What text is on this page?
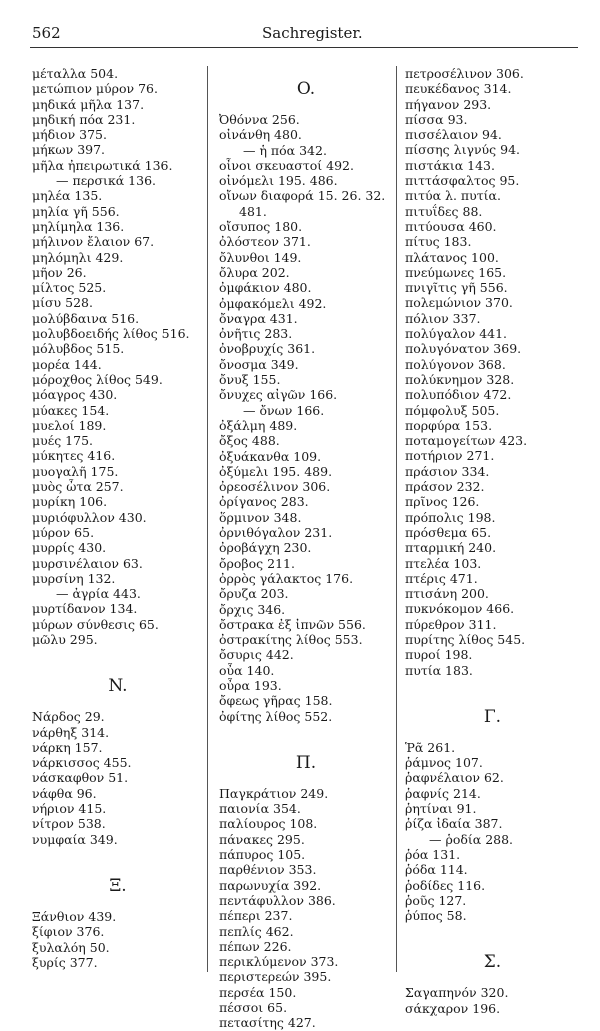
562	Sachregister.
μέταλλα 504.
μετώπιον μύρον 76.
μηδικά μῆλα 137.
μηδική πόα 231.
μήδιον 375.
μήκων 397.
μῆλα ἠπειρωτικά 136.
— περσικά 136.
μηλέα 135.
μηλία γῆ 556.
μηλίμηλα 136.
μήλινον ἔλαιον 67.
μηλόμηλι 429.
μῆον 26.
μίλτος 525.
μίσυ 528.
μολύβδαινα 516.
μολυβδοειδής λίθος 516.
μόλυβδος 515.
μορέα 144.
μόροχθος λίθος 549.
μόαγρος 430.
μύακες 154.
μυελοί 189.
μυές 175.
μύκητες 416.
μυογαλῆ 175.
μυὸς ὦτα 257.
μυρίκη 106.
μυριόφυλλον 430.
μύρον 65.
μυρρίς 430.
μυρσινέλαιον 63.
μυρσίνη 132.
— ἀγρία 443.
μυρτίδανον 134.
μύρων σύνθεσις 65.
μῶλυ 295.
N.
Νάρδος 29.
νάρθηξ 314.
νάρκη 157.
νάρκισσος 455.
νάσκαφθον 51.
νάφθα 96.
νήριον 415.
νίτρον 538.
νυμφαία 349.
Ξ.
Ξάνθιον 439.
ξίφιον 376.
ξυλαλόη 50.
ξυρίς 377.
O.
Ὀθόννα 256.
οἰνάνθη 480.
— ἡ πόα 342.
οἶνοι σκευαστοί 492.
οἰνόμελι 195. 486.
οἴνων διαφορά 15. 26. 32.
481.
οἴσυπος 180.
ὀλόστεον 371.
ὄλυνθοι 149.
ὄλυρα 202.
ὀμφάκιον 480.
ὀμφακόμελι 492.
ὄναγρα 431.
ὀνῆτις 283.
ὀνοβρυχίς 361.
ὄνοσμα 349.
ὄνυξ 155.
ὄνυχες αἰγῶν 166.
— ὄνων 166.
ὀξάλμη 489.
ὄξος 488.
ὀξυάκανθα 109.
ὀξύμελι 195. 489.
ὀρεοσέλινον 306.
ὀρίγανος 283.
ὅρμινον 348.
ὀρνιθόγαλον 231.
ὀροβάγχη 230.
ὄροβος 211.
ὀρρὸς γάλακτος 176.
ὄρυζα 203.
ὄρχις 346.
ὄστρακα ἐξ ἰπνῶν 556.
ὀστρακίτης λίθος 553.
ὄσυρις 442.
οὖα 140.
οὖρα 193.
ὄφεως γῆρας 158.
ὀφίτης λίθος 552.
Π.
Παγκράτιον 249.
παιονία 354.
παλίουρος 108.
πάνακες 295.
πάπυρος 105.
παρθένιον 353.
παρωνυχία 392.
πεντάφυλλον 386.
πέπερι 237.
πεπλίς 462.
πέπων 226.
περικλύμενον 373.
περιστερεών 395.
περσέα 150.
πέσσοι 65.
πετασίτης 427.
πετροσέλινον 306.
πευκέδανος 314.
πήγανον 293.
πίσσα 93.
πισσέλαιον 94.
πίσσης λιγνύς 94.
πιστάκια 143.
πιττάσφαλτος 95.
πιτύα λ. πυτία.
πιτυΐδες 88.
πιτύουσα 460.
πίτυς 183.
πλάτανος 100.
πνεύμωνες 165.
πνιγῖτις γῆ 556.
πολεμώνιον 370.
πόλιον 337.
πολύγαλον 441.
πολυγόνατον 369.
πολύγονον 368.
πολύκνημον 328.
πολυπόδιον 472.
πόμφολυξ 505.
πορφύρα 153.
ποταμογείτων 423.
ποτήριον 271.
πράσιον 334.
πράσον 232.
πρῖνος 126.
πρόπολις 198.
πρόσθεμα 65.
πταρμική 240.
πτελέα 103.
πτέρις 471.
πτισάνη 200.
πυκνόκομον 466.
πύρεθρον 311.
πυρίτης λίθος 545.
πυροί 198.
πυτία 183.
Γ.
Ῥᾶ 261.
ῥάμνος 107.
ῥαφνέλαιον 62.
ῥαφνίς 214.
ῥητίναι 91.
ῥίζα ἰδαία 387.
— ῥοδία 288.
ῥόα 131.
ῥόδα 114.
ῥοδίδες 116.
ῥοῦς 127.
ῥύπος 58.
Σ.
Σαγαπηνόν 320.
σάκχαρον 196.
